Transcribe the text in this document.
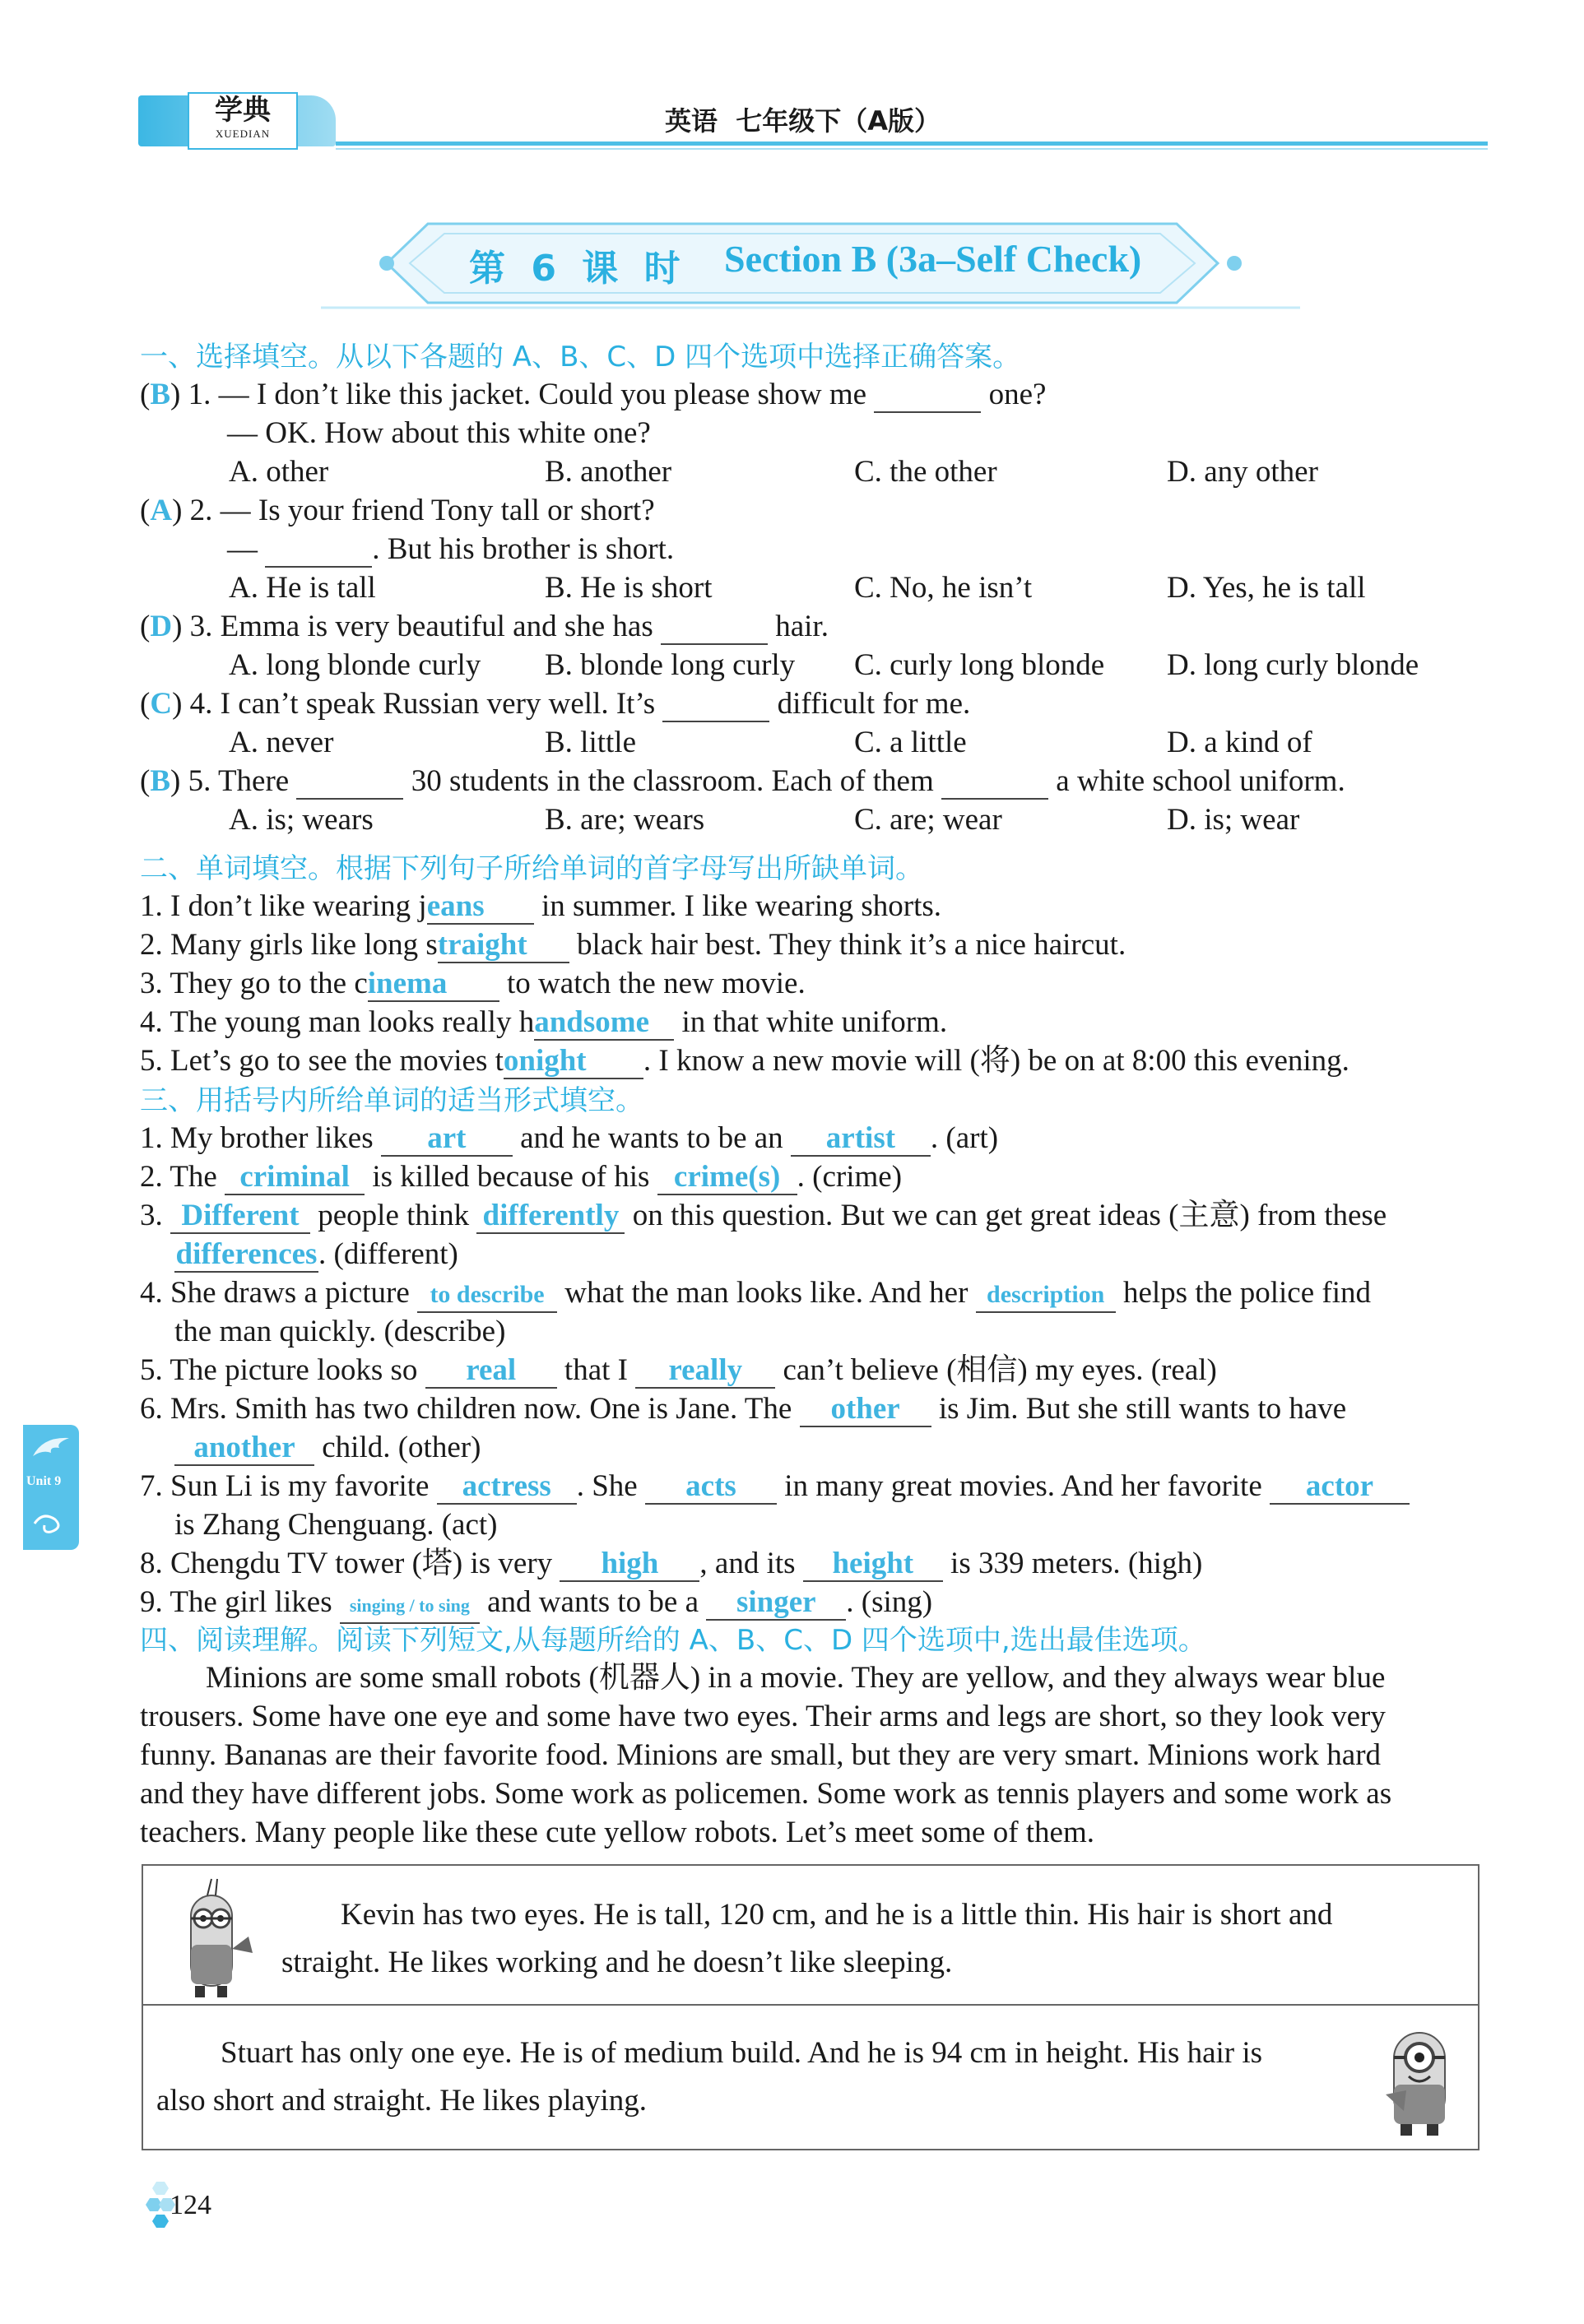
学典
XUEDIAN	英语  七年级下（A版）
第 6 课 时 Section B (3a–Self Check)
一、选择填空。从以下各题的 A、B、C、D 四个选项中选择正确答案。
(B) 1. — I don’t like this jacket. Could you please show me	one?
— OK. How about this white one?
A. other	B. another	C. the other	D. any other
(A) 2. — Is your friend Tony tall or short?
—	. But his brother is short.
A. He is tall	B. He is short	C. No, he isn’t	D. Yes, he is tall
(D) 3. Emma is very beautiful and she has	hair.
A. long blonde curly B. blonde long curly C. curly long blonde D. long curly blonde
(C) 4. I can’t speak Russian very well. It’s	difficult for me.
A. never	B. little	C. a little	D. a kind of
(B) 5. There	30 students in the classroom. Each of them	a white school uniform.
A. is; wears	B. are; wears	C. are; wear	D. is; wear
二、单词填空。根据下列句子所给单词的首字母写出所缺单词。
1. I don’t like wearing jeans in summer. I like wearing shorts.
2. Many girls like long straight black hair best. They think it’s a nice haircut.
3. They go to the cinema to watch the new movie.
4. The young man looks really handsome in that white uniform.
5. Let’s go to see the movies tonight . I know a new movie will (将) be on at 8:00 this evening.
三、用括号内所给单词的适当形式填空。
1. My brother likes art and he wants to be an artist . (art)
2. The criminal is killed because of his crime(s) . (crime)
3. Different people think differently on this question. But we can get great ideas (主意) from these
differences. (different)
4. She draws a picture to describe what the man looks like. And her description helps the police find
the man quickly. (describe)
5. The picture looks so real that I really can’t believe (相信) my eyes. (real)
6. Mrs. Smith has two children now. One is Jane. The other is Jim. But she still wants to have
another child. (other)
7. Sun Li is my favorite actress . She acts in many great movies. And her favorite actor
is Zhang Chenguang. (act)
8. Chengdu TV tower (塔) is very high , and its height is 339 meters. (high)
9. The girl likes singing / to sing and wants to be a singer . (sing)
四、阅读理解。阅读下列短文,从每题所给的 A、B、C、D 四个选项中,选出最佳选项。
Minions are some small robots (机器人) in a movie. They are yellow, and they always wear blue
trousers. Some have one eye and some have two eyes. Their arms and legs are short, so they look very
funny. Bananas are their favorite food. Minions are small, but they are very smart. Minions work hard
and they have different jobs. Some work as policemen. Some work as tennis players and some work as
teachers. Many people like these cute yellow robots. Let’s meet some of them.
Kevin has two eyes. He is tall, 120 cm, and he is a little thin. His hair is short and
straight. He likes working and he doesn’t like sleeping.
Stuart has only one eye. He is of medium build. And he is 94 cm in height. His hair is
also short and straight. He likes playing.
Unit 9
124
